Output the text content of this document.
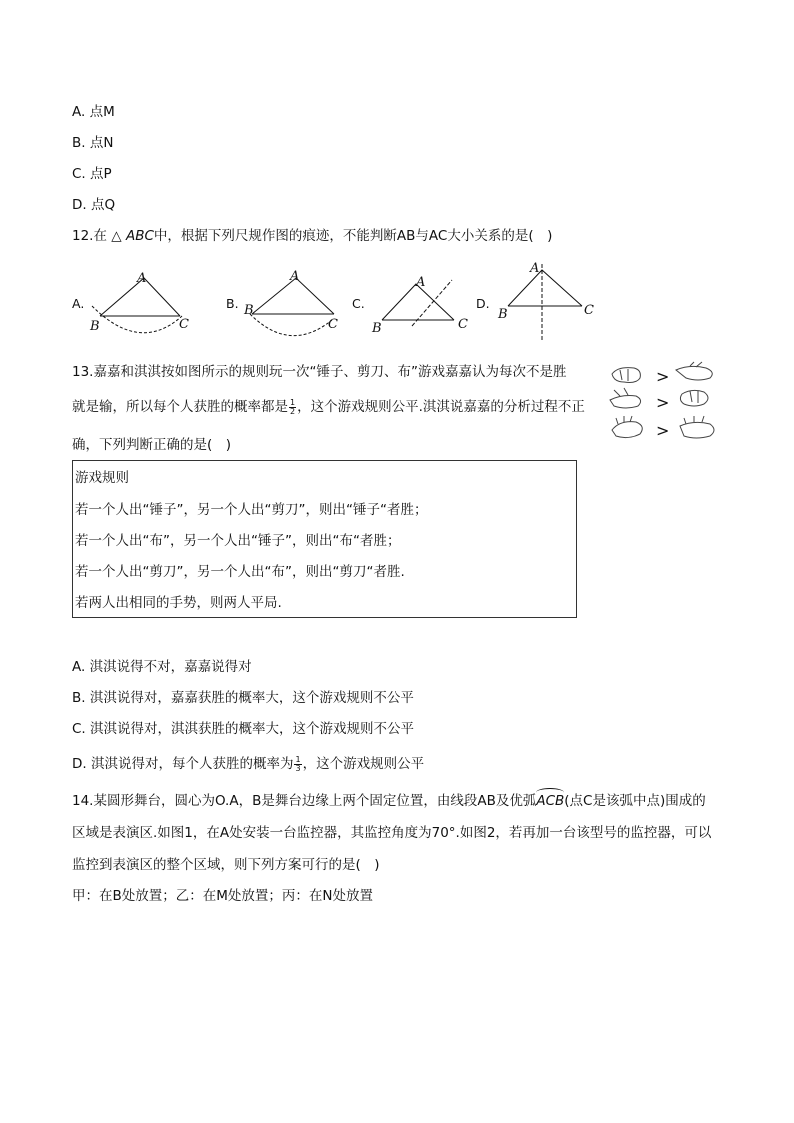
A. 点M
B. 点N
C. 点P
D. 点Q
12.在 △ ABC中，根据下列尺规作图的痕迹，不能判断AB与AC大小关系的是(　)
A.
A
B	C
B.
A
B
C
C.
A
B	C
D.
A
B	C
13.嘉嘉和淇淇按如图所示的规则玩一次“锤子、剪刀、布”游戏嘉嘉认为每次不是胜
就是输，所以每个人获胜的概率都是 $\frac{1}{2}$ ，这个游戏规则公平.淇淇说嘉嘉的分析过程不正
确，下列判断正确的是(　)
>
>
>
游戏规则
若一个人出“锤子”，另一个人出“剪刀”，则出“锤子“者胜；
若一个人出“布”，另一个人出“锤子”，则出“布“者胜；
若一个人出“剪刀”，另一个人出“布”，则出“剪刀“者胜.
若两人出相同的手势，则两人平局.
A. 淇淇说得不对，嘉嘉说得对
B. 淇淇说得对，嘉嘉获胜的概率大，这个游戏规则不公平
C. 淇淇说得对，淇淇获胜的概率大，这个游戏规则不公平
D. 淇淇说得对，每个人获胜的概率为 $\frac{1}{3}$ ，这个游戏规则公平
14.某圆形舞台，圆心为O.A，B是舞台边缘上两个固定位置，由线段AB及优弧ACB(点C是该弧中点)围成的
区域是表演区.如图1，在A处安装一台监控器，其监控角度为70°.如图2，若再加一台该型号的监控器，可以
监控到表演区的整个区域，则下列方案可行的是(　)
甲：在B处放置；乙：在M处放置；丙：在N处放置
